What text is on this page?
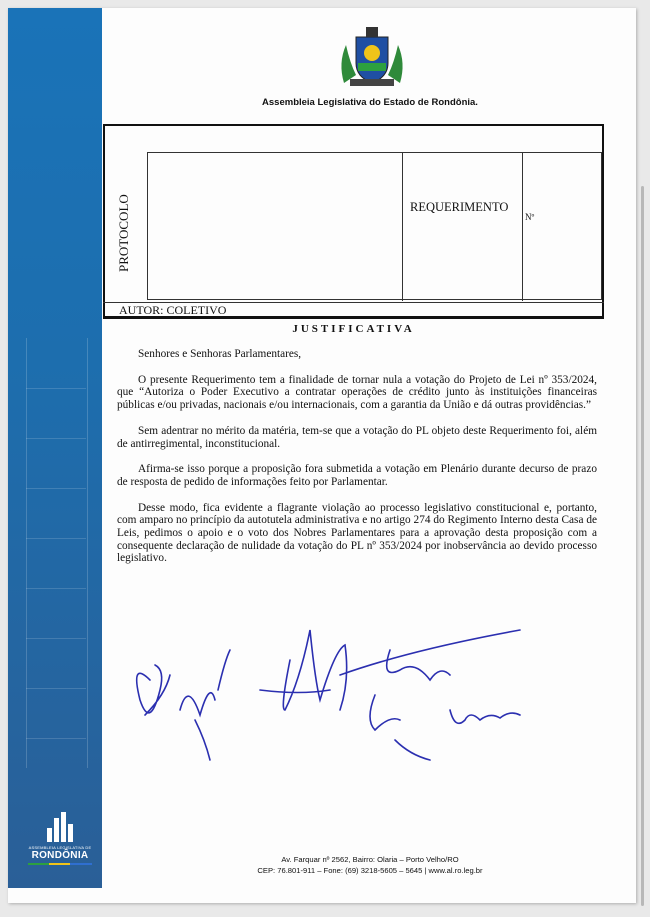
ASSEMBLEIA LEGISLATIVA DE
RONDÔNIA
Assembleia Legislativa do Estado de Rondônia.
PROTOCOLO	REQUERIMENTO
Nº
AUTOR: COLETIVO
JUSTIFICATIVA

Senhores e Senhoras Parlamentares,

O presente Requerimento tem a finalidade de tornar nula a votação do Projeto de Lei nº 353/2024, que “Autoriza o Poder Executivo a contratar operações de crédito junto às instituições financeiras públicas e/ou privadas, nacionais e/ou internacionais, com a garantia da União e dá outras providências.”

Sem adentrar no mérito da matéria, tem-se que a votação do PL objeto deste Requerimento foi, além de antirregimental, inconstitucional.

Afirma-se isso porque a proposição fora submetida a votação em Plenário durante decurso de prazo de resposta de pedido de informações feito por Parlamentar.

Desse modo, fica evidente a flagrante violação ao processo legislativo constitucional e, portanto, com amparo no princípio da autotutela administrativa e no artigo 274 do Regimento Interno desta Casa de Leis, pedimos o apoio e o voto dos Nobres Parlamentares para a aprovação desta proposição com a consequente declaração de nulidade da votação do PL nº 353/2024 por inobservância ao devido processo legislativo.

Av. Farquar nº 2562, Bairro: Olaria – Porto Velho/RO
CEP: 76.801-911 – Fone: (69) 3218-5605 – 5645 | www.al.ro.leg.br
